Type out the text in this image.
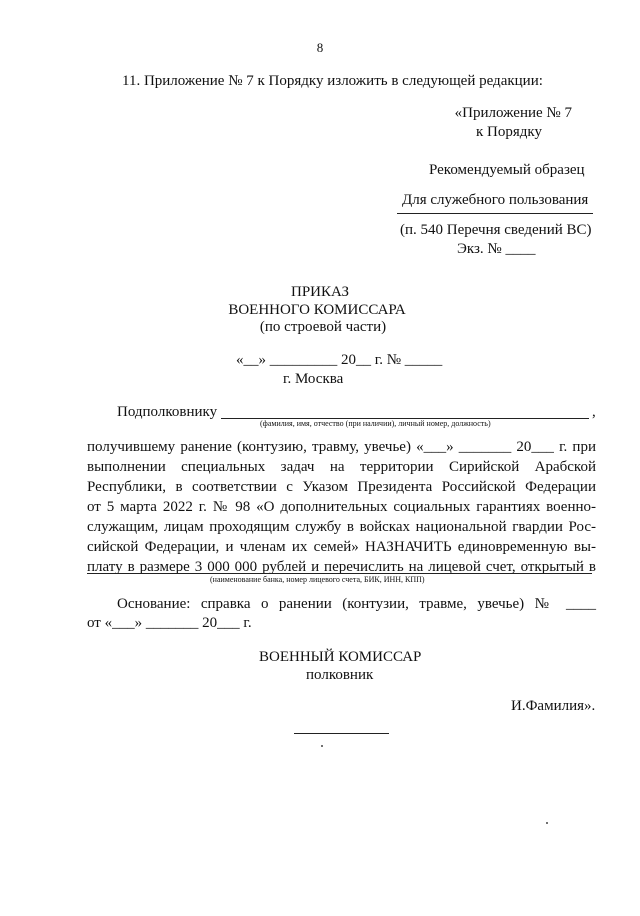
8
11. Приложение № 7 к Порядку изложить в следующей редакции:
«Приложение № 7
к Порядку
Рекомендуемый образец
Для служебного пользования
(п. 540 Перечня сведений ВС)
Экз. № ____
ПРИКАЗ
ВОЕННОГО КОМИССАРА
(по строевой части)
«__» _________ 20__ г. № _____
г. Москва
Подполковнику	,
(фамилия, имя, отчество (при наличии), личный номер, должность)
получившему ранение (контузию, травму, увечье) «___» _______ 20___ г. при
выполнении специальных задач на территории Сирийской Арабской
Республики, в соответствии с Указом Президента Российской Федерации
от 5 марта 2022 г. № 98 «О дополнительных социальных гарантиях военно-
служащим, лицам проходящим службу в войсках национальной гвардии Рос-
сийской Федерации, и членам их семей» НАЗНАЧИТЬ единовременную вы-
плату в размере 3 000 000 рублей и перечислить на лицевой счет, открытый в
(наименование банка, номер лицевого счета, БИК, ИНН, КПП)
Основание: справка о ранении (контузии, травме, увечье) № ____
от «___» _______ 20___ г.
ВОЕННЫЙ КОМИССАР
полковник
И.Фамилия».
